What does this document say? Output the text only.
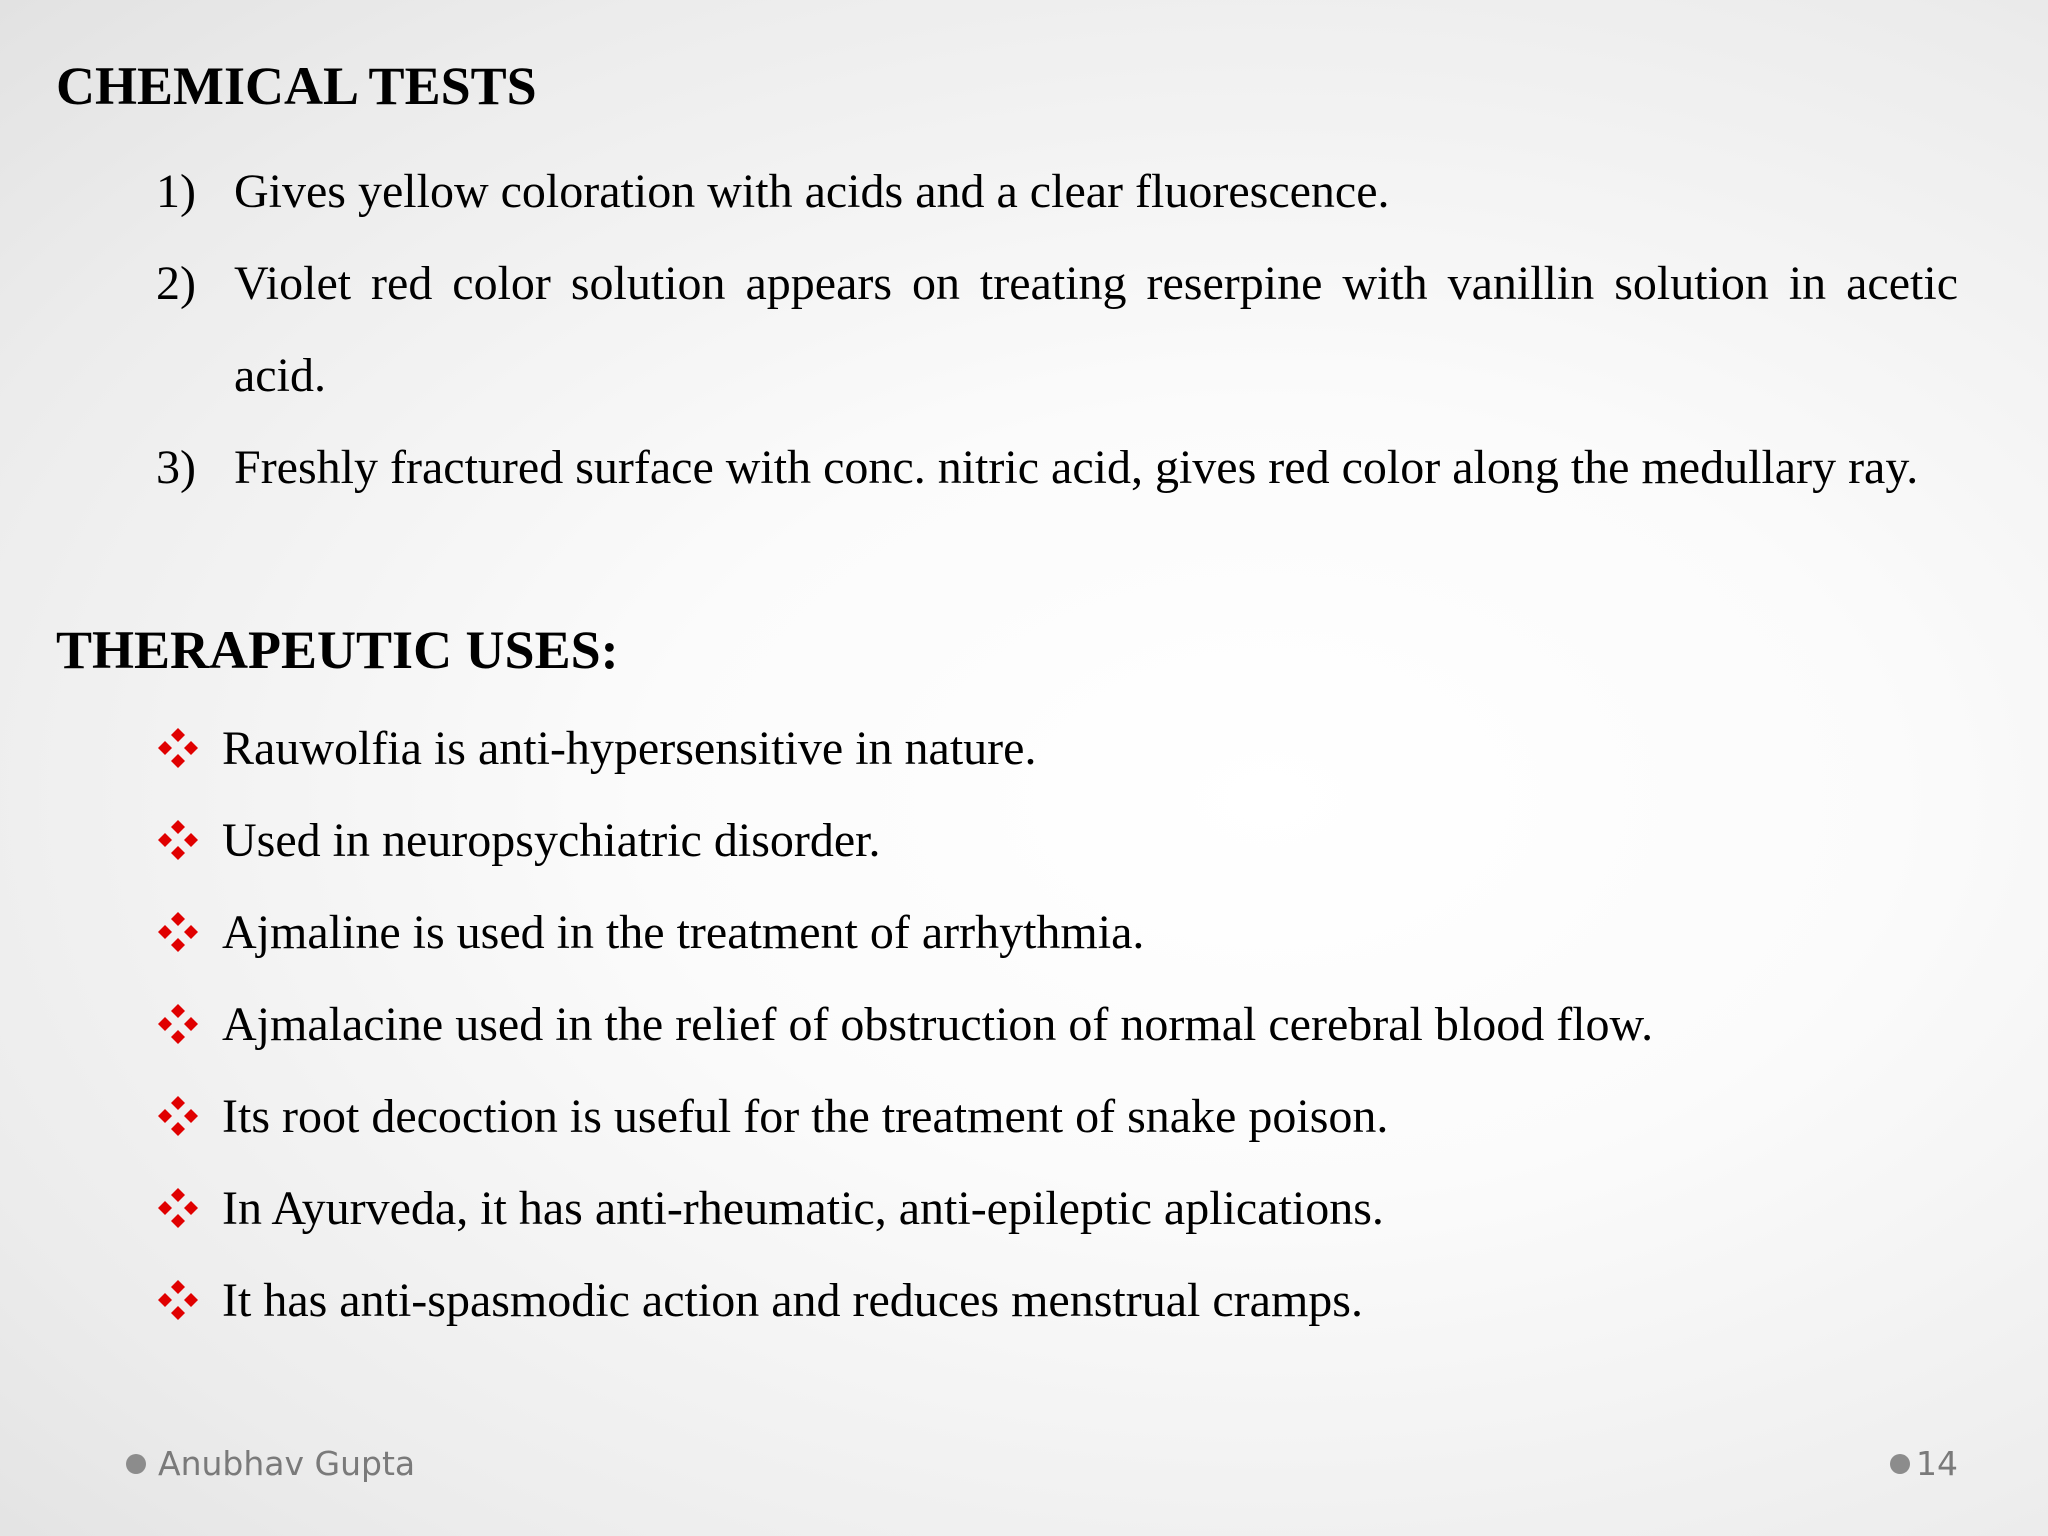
CHEMICAL TESTS
1) Gives yellow coloration with acids and a clear fluorescence.
2) Violet red color solution appears on treating reserpine with vanillin solution in acetic acid.
3) Freshly fractured surface with conc. nitric acid, gives red color along the medullary ray.
THERAPEUTIC USES:
Rauwolfia is anti-hypersensitive in nature.
Used in neuropsychiatric disorder.
Ajmaline is used in the treatment of arrhythmia.
Ajmalacine used in the relief of obstruction of normal cerebral blood flow.
Its root decoction is useful for the treatment of snake poison.
In Ayurveda, it has anti-rheumatic, anti-epileptic aplications.
It has anti-spasmodic action and reduces menstrual cramps.
Anubhav Gupta	14
